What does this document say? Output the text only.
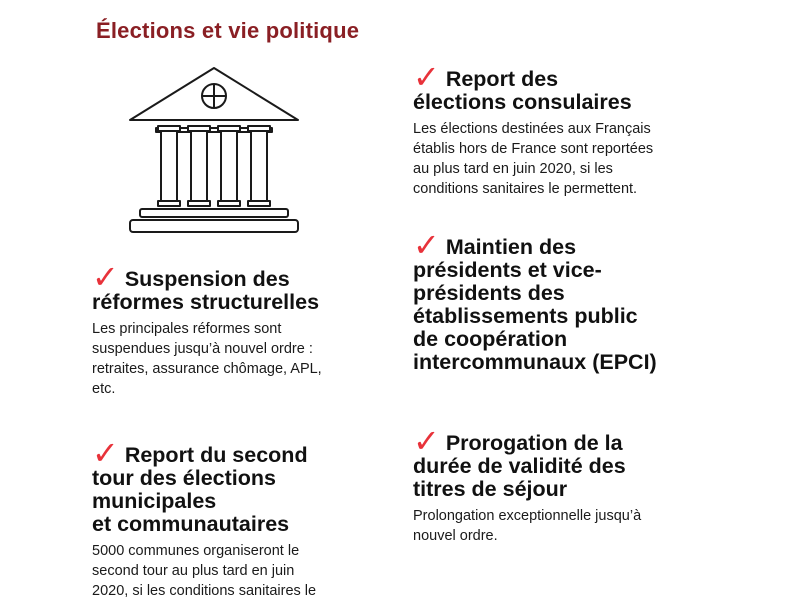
Élections et vie politique
✓ Suspension des
réformes structurelles

Les principales réformes sont
suspendues jusqu’à nouvel ordre :
retraites, assurance chômage, APL,
etc.

✓ Report du second
tour des élections
municipales
et communautaires

5000 communes organiseront le
second tour au plus tard en juin
2020, si les conditions sanitaires le

✓ Report des
élections consulaires

Les élections destinées aux Français
établis hors de France sont reportées
au plus tard en juin 2020, si les
conditions sanitaires le permettent.

✓ Maintien des
présidents et vice-
présidents des
établissements public
de coopération
intercommunaux (EPCI)
✓ Prorogation de la
durée de validité des
titres de séjour

Prolongation exceptionnelle jusqu’à
nouvel ordre.
